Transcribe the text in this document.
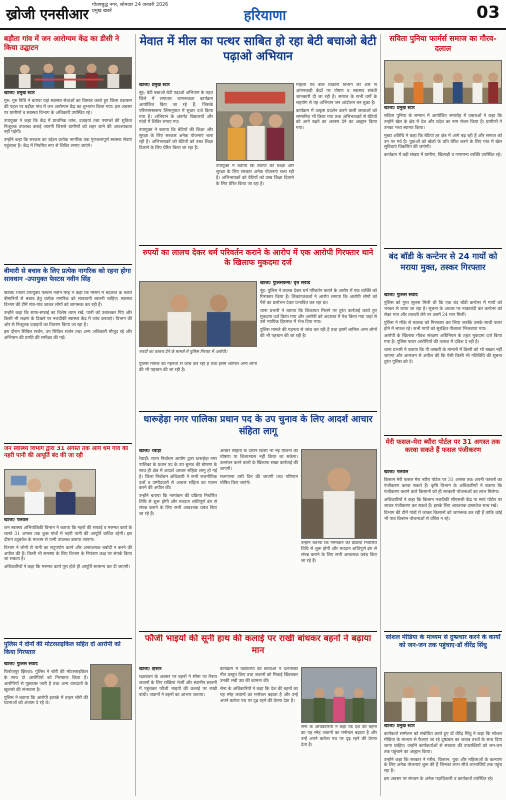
ख्रोजी एनसीआर
गौतमबुद्ध नगर, सोमवार 24 जनवरी 2026
प्रमुख खबरें	हरियाणा	03
बड़ौता गांव में जन आरोग्यम केंद्र का डीसी ने किया उद्घाटन
खोजी/ प्रमुख स्टार

गुरु: गुरु विधि ने बताया यहां स्वास्थ्य सेवाओं का विस्तार करते हुए जिला प्रशासन की पहल पर बड़ौता गांव में जन आरोग्यम केंद्र का शुभारंभ किया गया। इस अवसर पर ग्रामीणों व स्वास्थ्य विभाग के अधिकारी उपस्थित रहे।

उपायुक्त ने कहा कि केंद्र में प्राथमिक जांच, दवाइयां तथा परामर्श की सुविधा निःशुल्क उपलब्ध कराई जाएगी जिससे ग्रामीणों को शहर जाने की आवश्यकता नहीं पड़ेगी।

उन्होंने कहा कि सरकार का उद्देश्य प्रत्येक नागरिक तक गुणवत्तापूर्ण स्वास्थ्य सेवाएं पहुंचाना है। केंद्र में नियमित रूप से शिविर लगाए जाएंगे।

बीमारी से बचाव के लिए प्रत्येक नागरिक को रहना होगा सावधान -उपायुक्त फेस्टस नवीन सिंह

खोजी/ जिला उपायुक्त फेस्टस नवीन सिंह ने कहा कि मौसम में बदलाव के चलते बीमारियों से बचाव हेतु प्रत्येक नागरिक को सावधानी बरतनी चाहिए। स्वास्थ्य विभाग की टीमें गांव-गांव जाकर लोगों को जागरूक कर रही हैं।

उन्होंने कहा कि साफ-सफाई का विशेष ध्यान रखें, पानी को उबालकर पिएं और किसी भी लक्षण के दिखने पर नजदीकी स्वास्थ्य केंद्र में जांच करवाएं। विभाग की ओर से निःशुल्क दवाइयों का वितरण किया जा रहा है।

इस दौरान सिविल सर्जन, उप सिविल सर्जन तथा अन्य अधिकारी मौजूद रहे और अभियान की प्रगति की समीक्षा की गई।

जन स्वास्थ्य विभाग द्वारा 31 अगस्त तक आये धर्म गांव की नहरी पानी की आपूर्ति बंद की जा रही
खोजी/ पलवल

जन स्वास्थ्य अभियांत्रिकी विभाग ने बताया कि नहरों की सफाई व मरम्मत कार्य के चलते 31 अगस्त तक कुछ गांवों में नहरी पानी की आपूर्ति बाधित रहेगी। इस दौरान ट्यूबवेल के माध्यम से पानी उपलब्ध कराया जाएगा।

विभाग ने लोगों से पानी का सदुपयोग करने और अनावश्यक बर्बादी न करने की अपील की है। किसी भी समस्या के लिए विभाग के नियंत्रण कक्ष पर संपर्क किया जा सकता है।

अधिकारियों ने कहा कि मरम्मत कार्य पूरा होते ही आपूर्ति सामान्य कर दी जाएगी।

पुलिस ने दोनों की मोटरसाइकिल सहित दो आरोपी को किया गिरफ्तार
खोजी/ पुलिस संवाद

फिरोजपुर झिरका: पुलिस ने चोरी की मोटरसाइकिल के साथ दो आरोपियों को गिरफ्तार किया है। आरोपियों से पूछताछ जारी है तथा अन्य वारदातों के खुलासे की संभावना है।

पुलिस ने बताया कि आरोपी इलाके में वाहन चोरी की घटनाओं को अंजाम दे रहे थे।

मेवात में मील का पत्थर साबित हो रहा बेटी बचाओ बेटी पढ़ाओ अभियान
खोजी/ प्रमुख स्टार

नूंह: बेटी बचाओ बेटी पढ़ाओ अभियान के तहत जिले में लगातार जागरूकता कार्यक्रम आयोजित किए जा रहे हैं, जिसके परिणामस्वरूप लिंगानुपात में सुधार दर्ज किया गया है। अभियान के अंतर्गत विद्यालयों और गांवों में शिविर लगाए गए।

उपायुक्त ने बताया कि बेटियों की शिक्षा और सुरक्षा के लिए सरकार अनेक योजनाएं चला रही है। अभिभावकों को बेटियों को उच्च शिक्षा दिलाने के लिए प्रेरित किया जा रहा है।

महिला एवं बाल विकास विभाग की ओर से आंगनवाड़ी केंद्रों पर पोषण व स्वास्थ्य संबंधी जानकारी दी जा रही है। समाज के सभी वर्गों के सहयोग से यह अभियान जन आंदोलन बन चुका है।

कार्यक्रम में उत्कृष्ट प्रदर्शन करने वाली छात्राओं को सम्मानित भी किया गया तथा अभिभावकों से बेटियों को आगे बढ़ने का अवसर देने का आह्वान किया गया।

उपायुक्त ने बताया कि बेटियों की शिक्षा और सुरक्षा के लिए सरकार अनेक योजनाएं चला रही है। अभिभावकों को बेटियों को उच्च शिक्षा दिलाने के लिए प्रेरित किया जा रहा है।

रुपयों का लालच देकर धर्म परिवर्तन कराने के आरोप में एक आरोपी गिरफ्तार थाने के खिलाफ मुकदमा दर्ज
रुपयों का लालच देने के मामले में पुलिस गिरफ्त में आरोपी।
खोजी/ पुलिसकर्मी/ वृत्त संवाद

नूंह: पुलिस ने लालच देकर धर्म परिवर्तन कराने के आरोप में एक व्यक्ति को गिरफ्तार किया है। शिकायतकर्ता ने आरोप लगाया कि आरोपी लोगों को पैसे का प्रलोभन देकर प्रभावित कर रहा था।

थाना प्रभारी ने बताया कि शिकायत मिलने पर तुरंत कार्रवाई करते हुए मुकदमा दर्ज किया गया और आरोपी को अदालत में पेश किया गया जहां से उसे न्यायिक हिरासत में भेज दिया गया।

पुलिस मामले की गहनता से जांच कर रही है तथा इसमें शामिल अन्य लोगों की भी पहचान की जा रही है।

पुलिस मामले की गहनता से जांच कर रही है तथा इसमें शामिल अन्य लोगों की भी पहचान की जा रही है।

धारूहेड़ा नगर पालिका प्रधान पद के उप चुनाव के लिए आदर्श आचार संहिता लागू
खोजी/ रेवाड़ी

रेवाड़ी: राज्य निर्वाचन आयोग द्वारा धारूहेड़ा नगर पालिका के प्रधान पद के उप चुनाव की घोषणा के साथ ही क्षेत्र में आदर्श आचार संहिता लागू हो गई है। जिला निर्वाचन अधिकारी ने सभी राजनीतिक दलों व उम्मीदवारों से आचार संहिता का पालन करने की अपील की।

उन्होंने बताया कि नामांकन की प्रक्रिया निर्धारित तिथि से शुरू होगी और मतदान शांतिपूर्ण ढंग से संपन्न कराने के लिए सभी आवश्यक प्रबंध किए जा रहे हैं।

आचार संहिता के दौरान किसी भी नई योजना की घोषणा या शिलान्यास नहीं किया जा सकेगा। उल्लंघन करने वालों के खिलाफ सख्त कार्रवाई की जाएगी।

मतगणना उसी दिन की जाएगी तथा परिणाम घोषित किए जाएंगे।

उन्होंने बताया कि नामांकन की प्रक्रिया निर्धारित तिथि से शुरू होगी और मतदान शांतिपूर्ण ढंग से संपन्न कराने के लिए सभी आवश्यक प्रबंध किए जा रहे हैं।

फौजी भाइयों की सूनी हाथ की कलाई पर राखी बांधकर बहनों ने बढ़ाया मान
खोजी/ हिसार

रक्षाबंधन के अवसर पर बहनों ने सीमा पर तैनात जवानों के लिए राखियां भेजीं और स्थानीय छावनी में पहुंचकर फौजी भाइयों की कलाई पर राखी बांधी। जवानों ने बहनों का आभार जताया।

कार्यक्रम में विद्यालयों की छात्राओं ने देशभक्ति गीत प्रस्तुत किए तथा जवानों को मिठाई खिलाकर उनकी लंबी उम्र की कामना की।

सेना के अधिकारियों ने कहा कि देश की बहनों का यह स्नेह जवानों का मनोबल बढ़ाता है और उन्हें अपने कर्तव्य पथ पर दृढ़ रहने की प्रेरणा देता है।

सेना के अधिकारियों ने कहा कि देश की बहनों का यह स्नेह जवानों का मनोबल बढ़ाता है और उन्हें अपने कर्तव्य पथ पर दृढ़ रहने की प्रेरणा देता है।

सविता पुनिया फार्मर्स समाज का गौरव-दलाल
खोजी/ प्रमुख स्टार

सविता पुनिया के सम्मान में आयोजित समारोह में वक्ताओं ने कहा कि उन्होंने खेल के क्षेत्र में देश और प्रदेश का नाम रोशन किया है। ग्रामीणों ने उनका भव्य स्वागत किया।

मुख्य अतिथि ने कहा कि बेटियां हर क्षेत्र में आगे बढ़ रही हैं और समाज को उन पर गर्व है। युवाओं को खेलों के प्रति प्रेरित करने के लिए गांव में खेल सुविधाएं विकसित की जाएंगी।

कार्यक्रम में बड़ी संख्या में ग्रामीण, खिलाड़ी व गणमान्य व्यक्ति उपस्थित रहे।

बंद बॉडी के कन्टेनर से 24 गायों को मराया मुक्त, तस्कर गिरफ्तार
खोजी/ पुलिस संवाद

पुलिस को गुप्त सूचना मिली थी कि एक बंद बॉडी कन्टेनर में गायों को भरकर ले जाया जा रहा है। सूचना के आधार पर नाकाबंदी कर कन्टेनर को रोका गया और तलाशी लेने पर उसमें 24 गाय मिलीं।

पुलिस ने मौके से चालक को गिरफ्तार कर लिया जबकि उसके साथी फरार होने में सफल रहे। सभी गायों को सुरक्षित गौशाला भिजवाया गया।

आरोपी के खिलाफ गौवंश संरक्षण अधिनियम के तहत मुकदमा दर्ज किया गया है। पुलिस फरार आरोपियों की तलाश में दबिश दे रही है।

थाना प्रभारी ने बताया कि गौ तस्करी के मामलों में किसी को भी बख्शा नहीं जाएगा और आमजन से अपील की कि ऐसी किसी भी गतिविधि की सूचना तुरंत पुलिस को दें।

मेरी फसल-मेरा ब्यौरा पोर्टल पर 31 अगस्त तक करवा सकते हैं फसल पंजीकरण
खोजी/ पलवल

किसान मेरी फसल मेरा ब्यौरा पोर्टल पर 31 अगस्त तक अपनी फसलों का पंजीकरण करवा सकते हैं। कृषि विभाग के अधिकारियों ने बताया कि पंजीकरण कराने वाले किसानों को ही सरकारी योजनाओं का लाभ मिलेगा।

अधिकारियों ने कहा कि किसान नजदीकी सीएससी केंद्र या स्वयं पोर्टल पर जाकर पंजीकरण कर सकते हैं। इसके लिए आवश्यक दस्तावेज साथ रखें।

विभाग की टीमें गांवों में जाकर किसानों को जागरूक कर रही हैं ताकि कोई भी पात्र किसान योजनाओं से वंचित न रहे।

सोशल मीडिया के माध्यम से दुष्प्रचार करने के कार्यों को जन-जन तक पहुंचाए-डॉ वीरेंद्र सिंधु
खोजी/ प्रमुख स्टार

कार्यकर्ता सम्मेलन को संबोधित करते हुए डॉ वीरेंद्र सिंधु ने कहा कि सोशल मीडिया के माध्यम से फैलाए जा रहे दुष्प्रचार का जवाब तथ्यों के साथ दिया जाना चाहिए। उन्होंने कार्यकर्ताओं से सरकार की उपलब्धियों को जन-जन तक पहुंचाने का आह्वान किया।

उन्होंने कहा कि सरकार ने गरीब, किसान, युवा और महिलाओं के कल्याण के लिए अनेक योजनाएं शुरू की हैं जिनका लाभ सीधे लाभार्थियों तक पहुंच रहा है।

इस अवसर पर संगठन के अनेक पदाधिकारी व कार्यकर्ता उपस्थित रहे।
